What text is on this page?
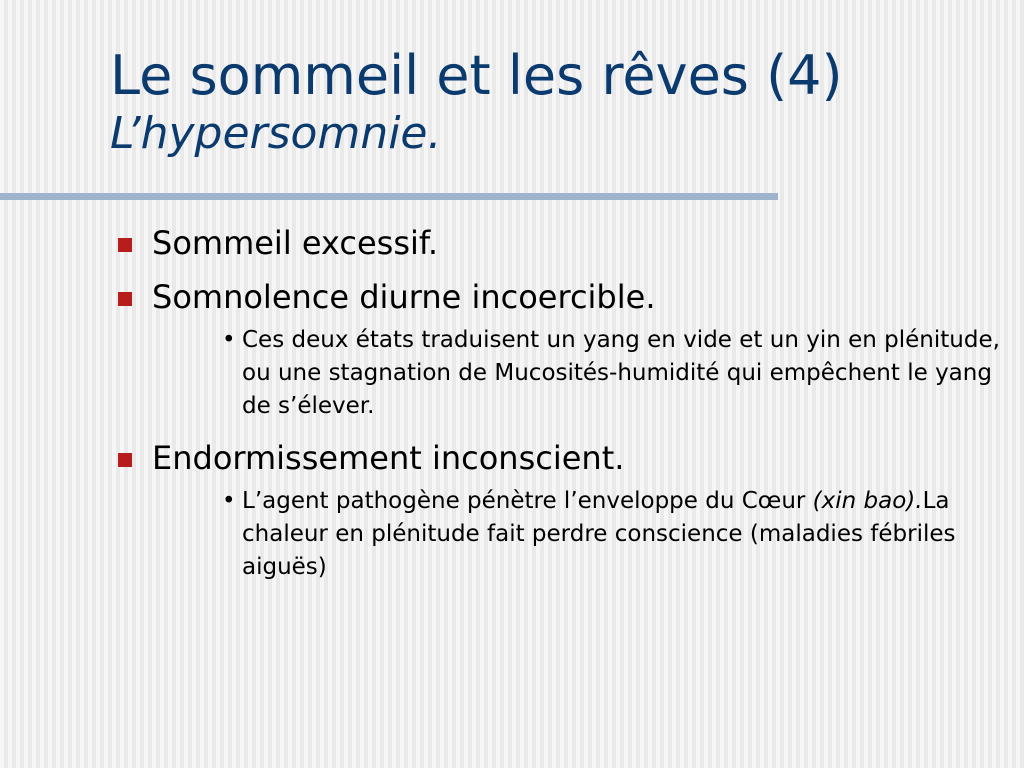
Le sommeil et les rêves (4)
L’hypersomnie.
Sommeil excessif.
Somnolence diurne incoercible.
• Ces deux états traduisent un yang en vide et un yin en plénitude, ou une stagnation de Mucosités-humidité qui empêchent le yang de s’élever.
Endormissement inconscient.
• L’agent pathogène pénètre l’enveloppe du Cœur (xin bao).La chaleur en plénitude fait perdre conscience (maladies fébriles aiguës)
